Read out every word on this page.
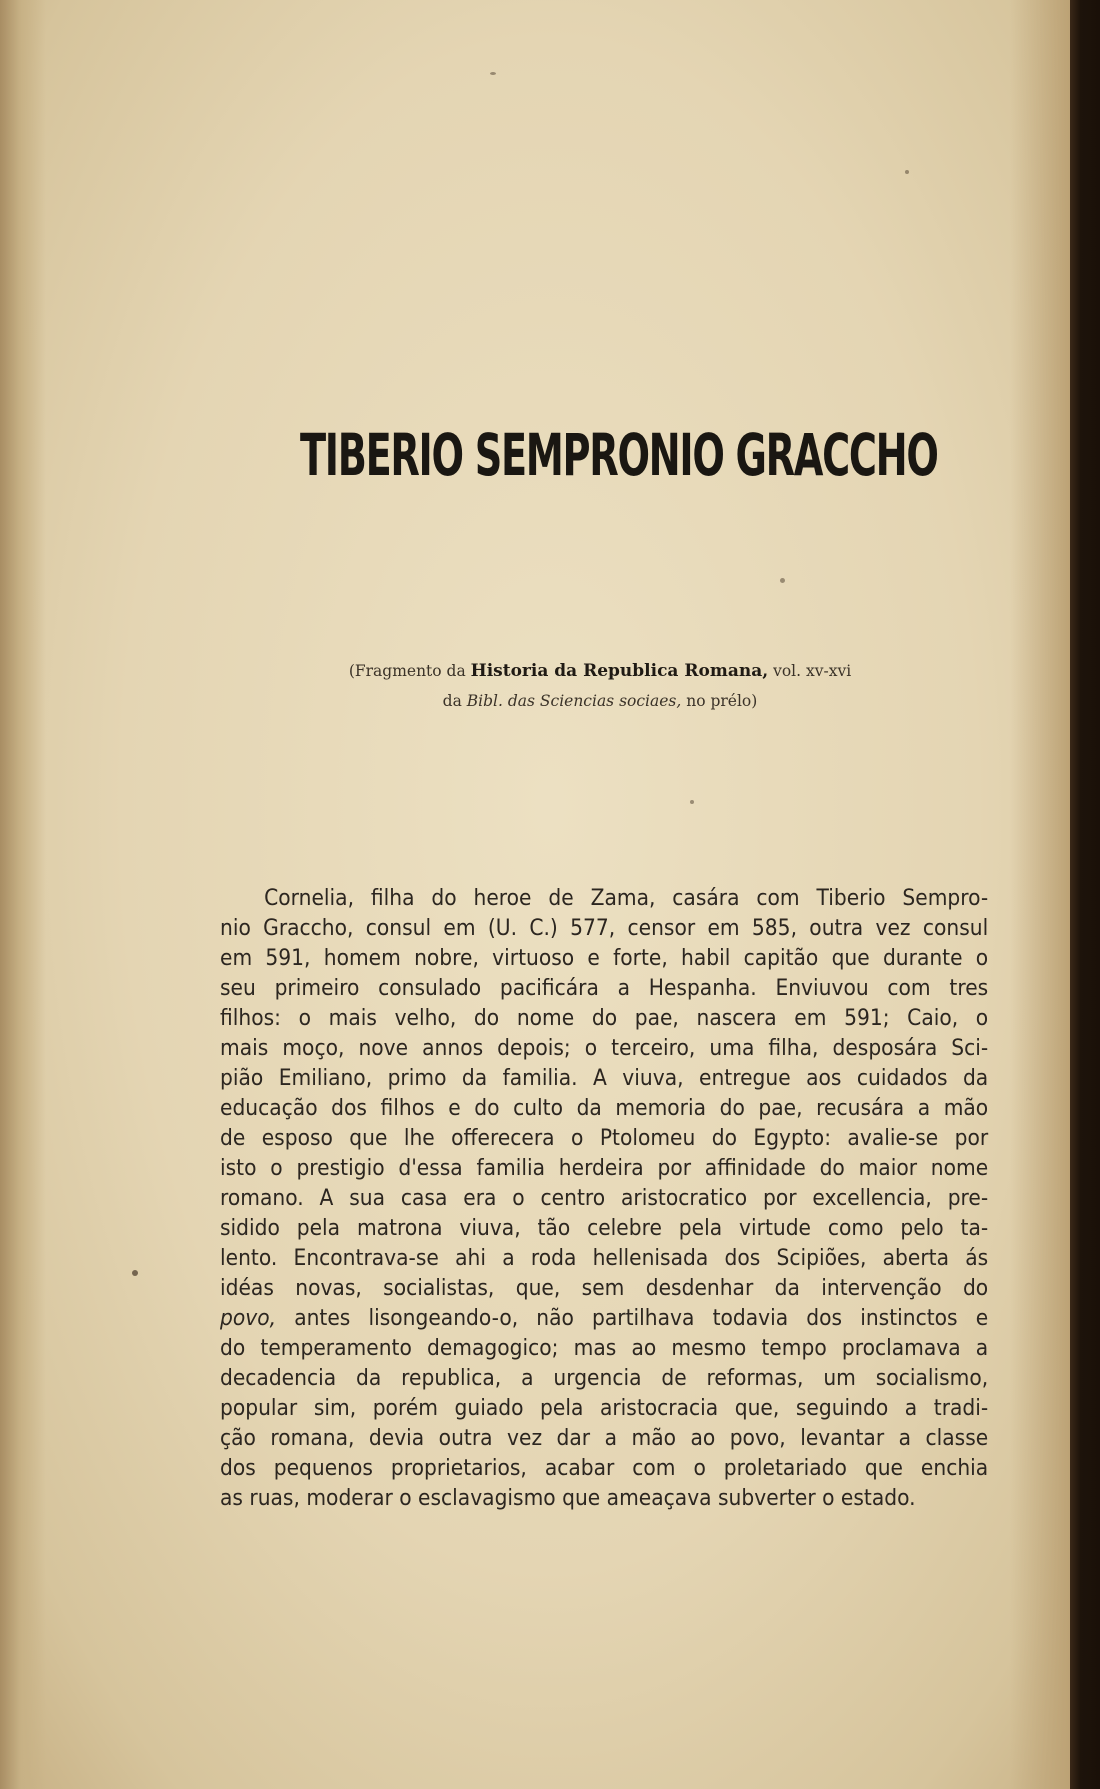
TIBERIO SEMPRONIO GRACCHO
(Fragmento da Historia da Republica Romana, vol. xv-xvi
da Bibl. das Sciencias sociaes, no prélo)
Cornelia, filha do heroe de Zama, casára com Tiberio Sempro-
nio Graccho, consul em (U. C.) 577, censor em 585, outra vez consul
em 591, homem nobre, virtuoso e forte, habil capitão que durante o
seu primeiro consulado pacificára a Hespanha. Enviuvou com tres
filhos: o mais velho, do nome do pae, nascera em 591; Caio, o
mais moço, nove annos depois; o terceiro, uma filha, desposára Sci-
pião Emiliano, primo da familia. A viuva, entregue aos cuidados da
educação dos filhos e do culto da memoria do pae, recusára a mão
de esposo que lhe offerecera o Ptolomeu do Egypto: avalie-se por
isto o prestigio d'essa familia herdeira por affinidade do maior nome
romano. A sua casa era o centro aristocratico por excellencia, pre-
sidido pela matrona viuva, tão celebre pela virtude como pelo ta-
lento. Encontrava-se ahi a roda hellenisada dos Scipiões, aberta ás
idéas novas, socialistas, que, sem desdenhar da intervenção do
povo, antes lisongeando-o, não partilhava todavia dos instinctos e
do temperamento demagogico; mas ao mesmo tempo proclamava a
decadencia da republica, a urgencia de reformas, um socialismo,
popular sim, porém guiado pela aristocracia que, seguindo a tradi-
ção romana, devia outra vez dar a mão ao povo, levantar a classe
dos pequenos proprietarios, acabar com o proletariado que enchia
as ruas, moderar o esclavagismo que ameaçava subverter o estado.
